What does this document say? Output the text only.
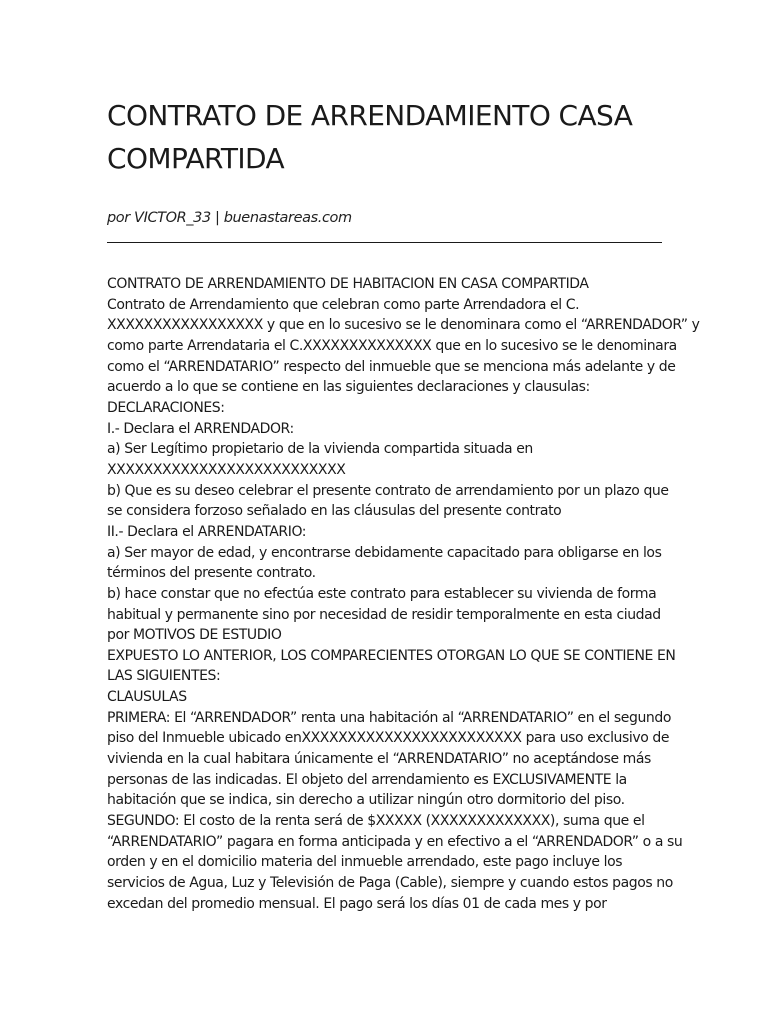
CONTRATO DE ARRENDAMIENTO CASA
COMPARTIDA
por VICTOR_33 | buenastareas.com
CONTRATO DE ARRENDAMIENTO DE HABITACION EN CASA COMPARTIDA
Contrato de Arrendamiento que celebran como parte Arrendadora el C.
XXXXXXXXXXXXXXXXX y que en lo sucesivo se le denominara como el “ARRENDADOR” y
como parte Arrendataria el C.XXXXXXXXXXXXXX que en lo sucesivo se le denominara
como el “ARRENDATARIO” respecto del inmueble que se menciona más adelante y de
acuerdo a lo que se contiene en las siguientes declaraciones y clausulas:
DECLARACIONES:
I.- Declara el ARRENDADOR:
a) Ser Legítimo propietario de la vivienda compartida situada en
XXXXXXXXXXXXXXXXXXXXXXXXXX
b) Que es su deseo celebrar el presente contrato de arrendamiento por un plazo que
se considera forzoso señalado en las cláusulas del presente contrato
II.- Declara el ARRENDATARIO:
a) Ser mayor de edad, y encontrarse debidamente capacitado para obligarse en los
términos del presente contrato.
b) hace constar que no efectúa este contrato para establecer su vivienda de forma
habitual y permanente sino por necesidad de residir temporalmente en esta ciudad
por MOTIVOS DE ESTUDIO
EXPUESTO LO ANTERIOR, LOS COMPARECIENTES OTORGAN LO QUE SE CONTIENE EN
LAS SIGUIENTES:
CLAUSULAS
PRIMERA: El “ARRENDADOR” renta una habitación al “ARRENDATARIO” en el segundo
piso del Inmueble ubicado enXXXXXXXXXXXXXXXXXXXXXXXX para uso exclusivo de
vivienda en la cual habitara únicamente el “ARRENDATARIO” no aceptándose más
personas de las indicadas. El objeto del arrendamiento es EXCLUSIVAMENTE la
habitación que se indica, sin derecho a utilizar ningún otro dormitorio del piso.
SEGUNDO: El costo de la renta será de $XXXXX (XXXXXXXXXXXXX), suma que el
“ARRENDATARIO” pagara en forma anticipada y en efectivo a el “ARRENDADOR” o a su
orden y en el domicilio materia del inmueble arrendado, este pago incluye los
servicios de Agua, Luz y Televisión de Paga (Cable), siempre y cuando estos pagos no
excedan del promedio mensual. El pago será los días 01 de cada mes y por
